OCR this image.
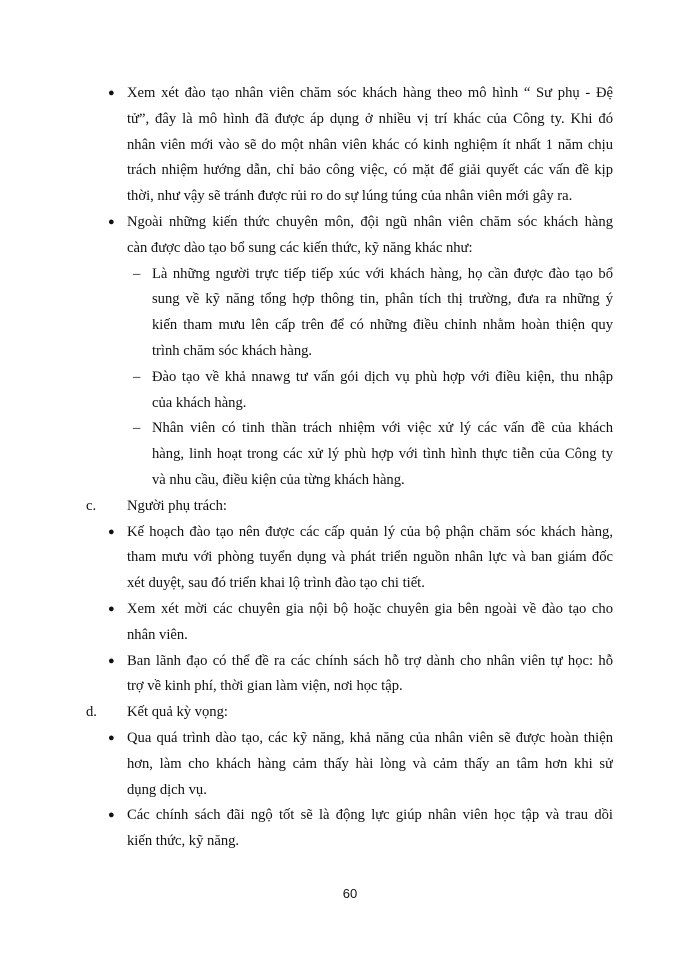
● Xem xét đào tạo nhân viên chăm sóc khách hàng theo mô hình “ Sư phụ - Đệ
tử”, đây là mô hình đã được áp dụng ở nhiều vị trí khác của Công ty. Khi đó
nhân viên mới vào sẽ do một nhân viên khác có kinh nghiệm ít nhất 1 năm chịu
trách nhiệm hướng dẫn, chỉ bảo công việc, có mặt để giải quyết các vấn đề kịp
thời, như vậy sẽ tránh được rủi ro do sự lúng túng của nhân viên mới gây ra.
● Ngoài những kiến thức chuyên môn, đội ngũ nhân viên chăm sóc khách hàng
càn được dào tạo bổ sung các kiến thức, kỹ năng khác như:
– Là những người trực tiếp tiếp xúc với khách hàng, họ cần được đào tạo bổ
sung về kỹ năng tổng hợp thông tin, phân tích thị trường, đưa ra những ý
kiến tham mưu lên cấp trên để có những điều chỉnh nhằm hoàn thiện quy
trình chăm sóc khách hàng.
– Đào tạo về khả nnawg tư vấn gói dịch vụ phù hợp với điều kiện, thu nhập
của khách hàng.
– Nhân viên có tinh thần trách nhiệm với việc xử lý các vấn đề của khách
hàng, linh hoạt trong các xử lý phù hợp với tình hình thực tiễn của Công ty
và nhu cầu, điều kiện của từng khách hàng.
c. Người phụ trách:
● Kế hoạch đào tạo nên được các cấp quản lý của bộ phận chăm sóc khách hàng,
tham mưu với phòng tuyển dụng và phát triển nguồn nhân lực và ban giám đốc
xét duyệt, sau đó triển khai lộ trình đào tạo chi tiết.
● Xem xét mời các chuyên gia nội bộ hoặc chuyên gia bên ngoài về đào tạo cho
nhân viên.
● Ban lãnh đạo có thể đề ra các chính sách hỗ trợ dành cho nhân viên tự học: hỗ
trợ về kinh phí, thời gian làm viện, nơi học tập.
d. Kết quả kỳ vọng:
● Qua quá trình dào tạo, các kỹ năng, khả năng của nhân viên sẽ được hoàn thiện
hơn, làm cho khách hàng cảm thấy hài lòng và cảm thấy an tâm hơn khi sử
dụng dịch vụ.
● Các chính sách đãi ngộ tốt sẽ là động lực giúp nhân viên học tập và trau dồi
kiến thức, kỹ năng.
60
